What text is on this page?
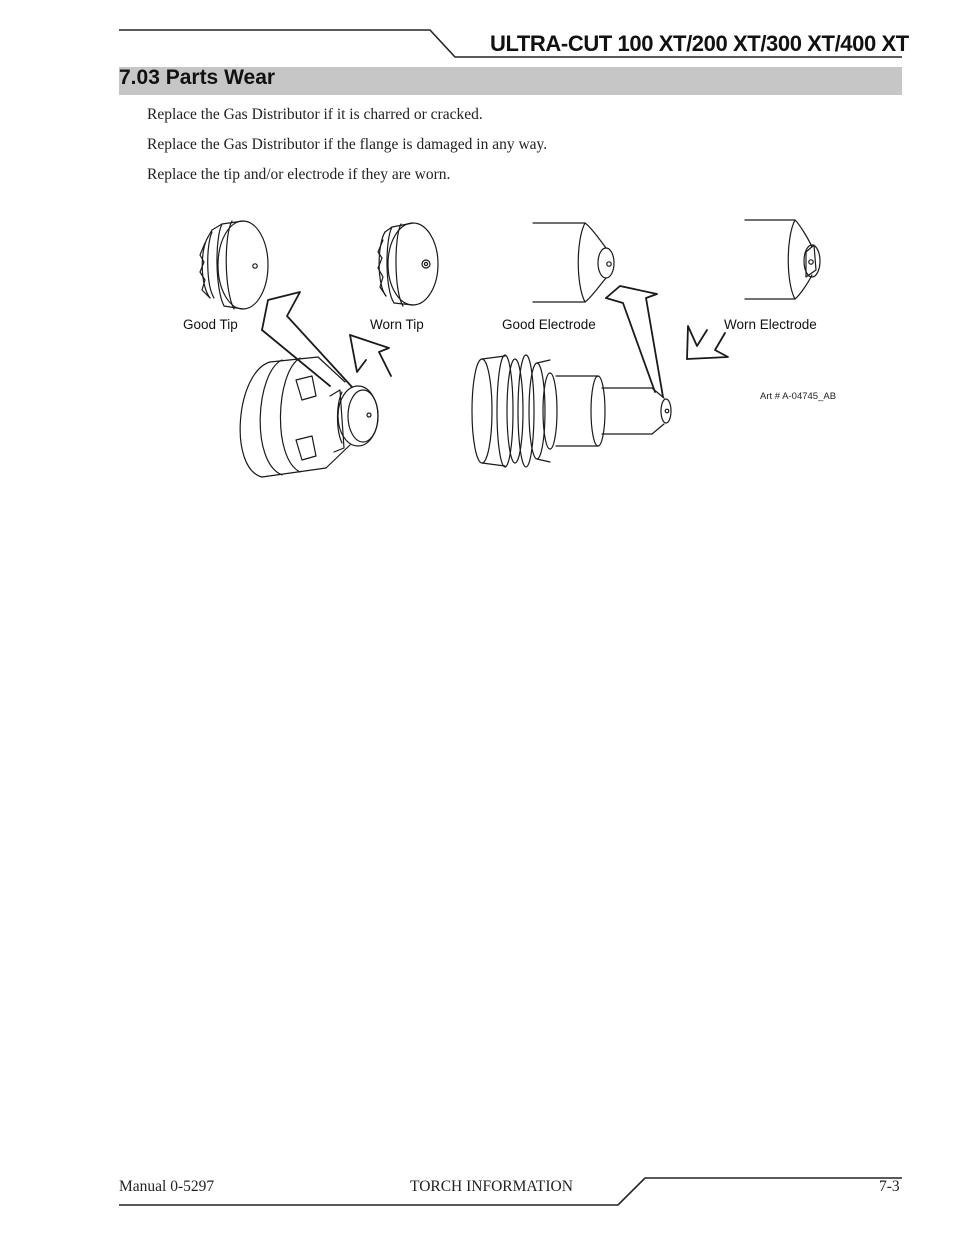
ULTRA-CUT 100 XT/200 XT/300 XT/400 XT
7.03 Parts Wear
Replace the Gas Distributor if it is charred or cracked.
Replace the Gas Distributor if the flange is damaged in any way.
Replace the tip and/or electrode if they are worn.
Good Tip	Worn Tip	Good Electrode	Worn Electrode
Art # A-04745_AB
Manual 0-5297	TORCH INFORMATION	7-3
